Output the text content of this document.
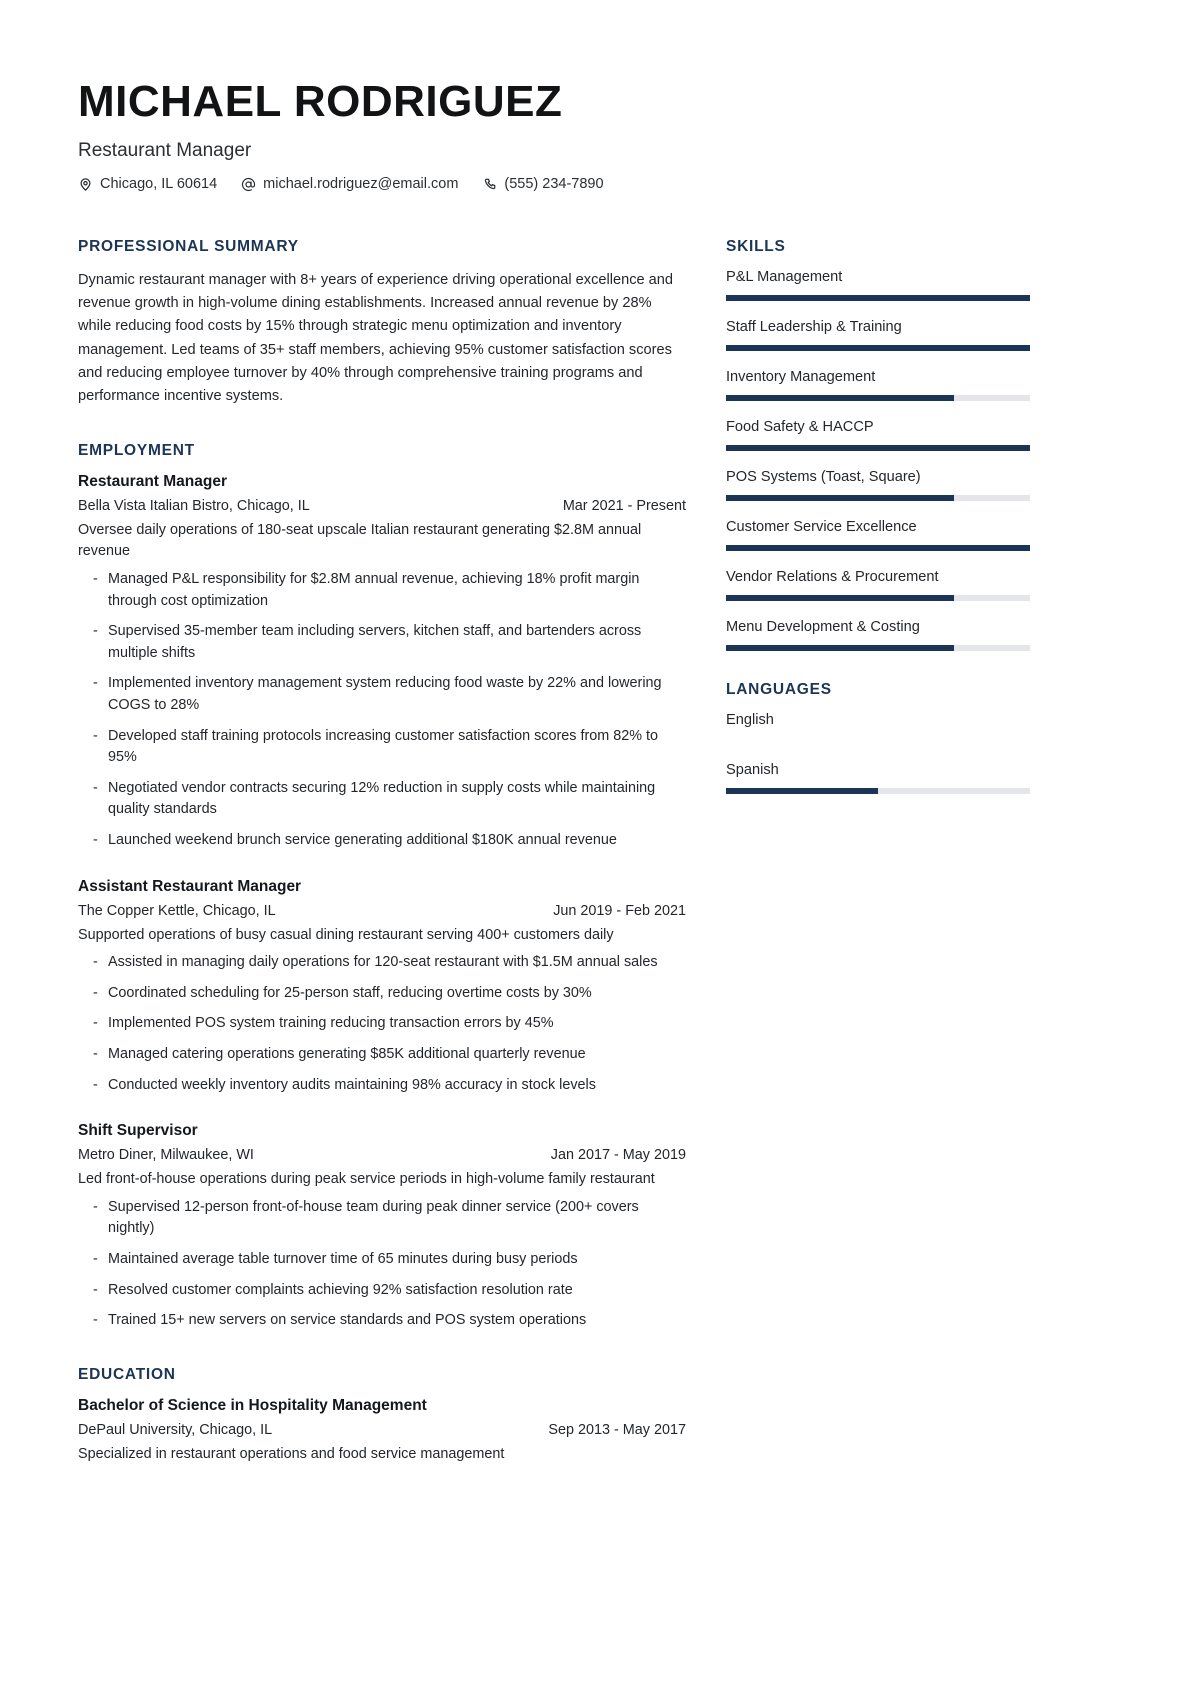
MICHAEL RODRIGUEZ
Restaurant Manager
Chicago, IL 60614	michael.rodriguez@email.com	(555) 234-7890
PROFESSIONAL SUMMARY
Dynamic restaurant manager with 8+ years of experience driving operational excellence and revenue growth in high-volume dining establishments. Increased annual revenue by 28% while reducing food costs by 15% through strategic menu optimization and inventory management. Led teams of 35+ staff members, achieving 95% customer satisfaction scores and reducing employee turnover by 40% through comprehensive training programs and performance incentive systems.
EMPLOYMENT
Restaurant Manager
Bella Vista Italian Bistro, Chicago, IL	Mar 2021 - Present
Oversee daily operations of 180-seat upscale Italian restaurant generating $2.8M annual revenue
- Managed P&L responsibility for $2.8M annual revenue, achieving 18% profit margin through cost optimization
- Supervised 35-member team including servers, kitchen staff, and bartenders across multiple shifts
- Implemented inventory management system reducing food waste by 22% and lowering COGS to 28%
- Developed staff training protocols increasing customer satisfaction scores from 82% to 95%
- Negotiated vendor contracts securing 12% reduction in supply costs while maintaining quality standards
- Launched weekend brunch service generating additional $180K annual revenue
Assistant Restaurant Manager
The Copper Kettle, Chicago, IL	Jun 2019 - Feb 2021
Supported operations of busy casual dining restaurant serving 400+ customers daily
- Assisted in managing daily operations for 120-seat restaurant with $1.5M annual sales
- Coordinated scheduling for 25-person staff, reducing overtime costs by 30%
- Implemented POS system training reducing transaction errors by 45%
- Managed catering operations generating $85K additional quarterly revenue
- Conducted weekly inventory audits maintaining 98% accuracy in stock levels
Shift Supervisor
Metro Diner, Milwaukee, WI	Jan 2017 - May 2019
Led front-of-house operations during peak service periods in high-volume family restaurant
- Supervised 12-person front-of-house team during peak dinner service (200+ covers nightly)
- Maintained average table turnover time of 65 minutes during busy periods
- Resolved customer complaints achieving 92% satisfaction resolution rate
- Trained 15+ new servers on service standards and POS system operations
EDUCATION
Bachelor of Science in Hospitality Management
DePaul University, Chicago, IL	Sep 2013 - May 2017
Specialized in restaurant operations and food service management
SKILLS
P&L Management
Staff Leadership & Training
Inventory Management
Food Safety & HACCP
POS Systems (Toast, Square)
Customer Service Excellence
Vendor Relations & Procurement
Menu Development & Costing
LANGUAGES
English
Spanish
